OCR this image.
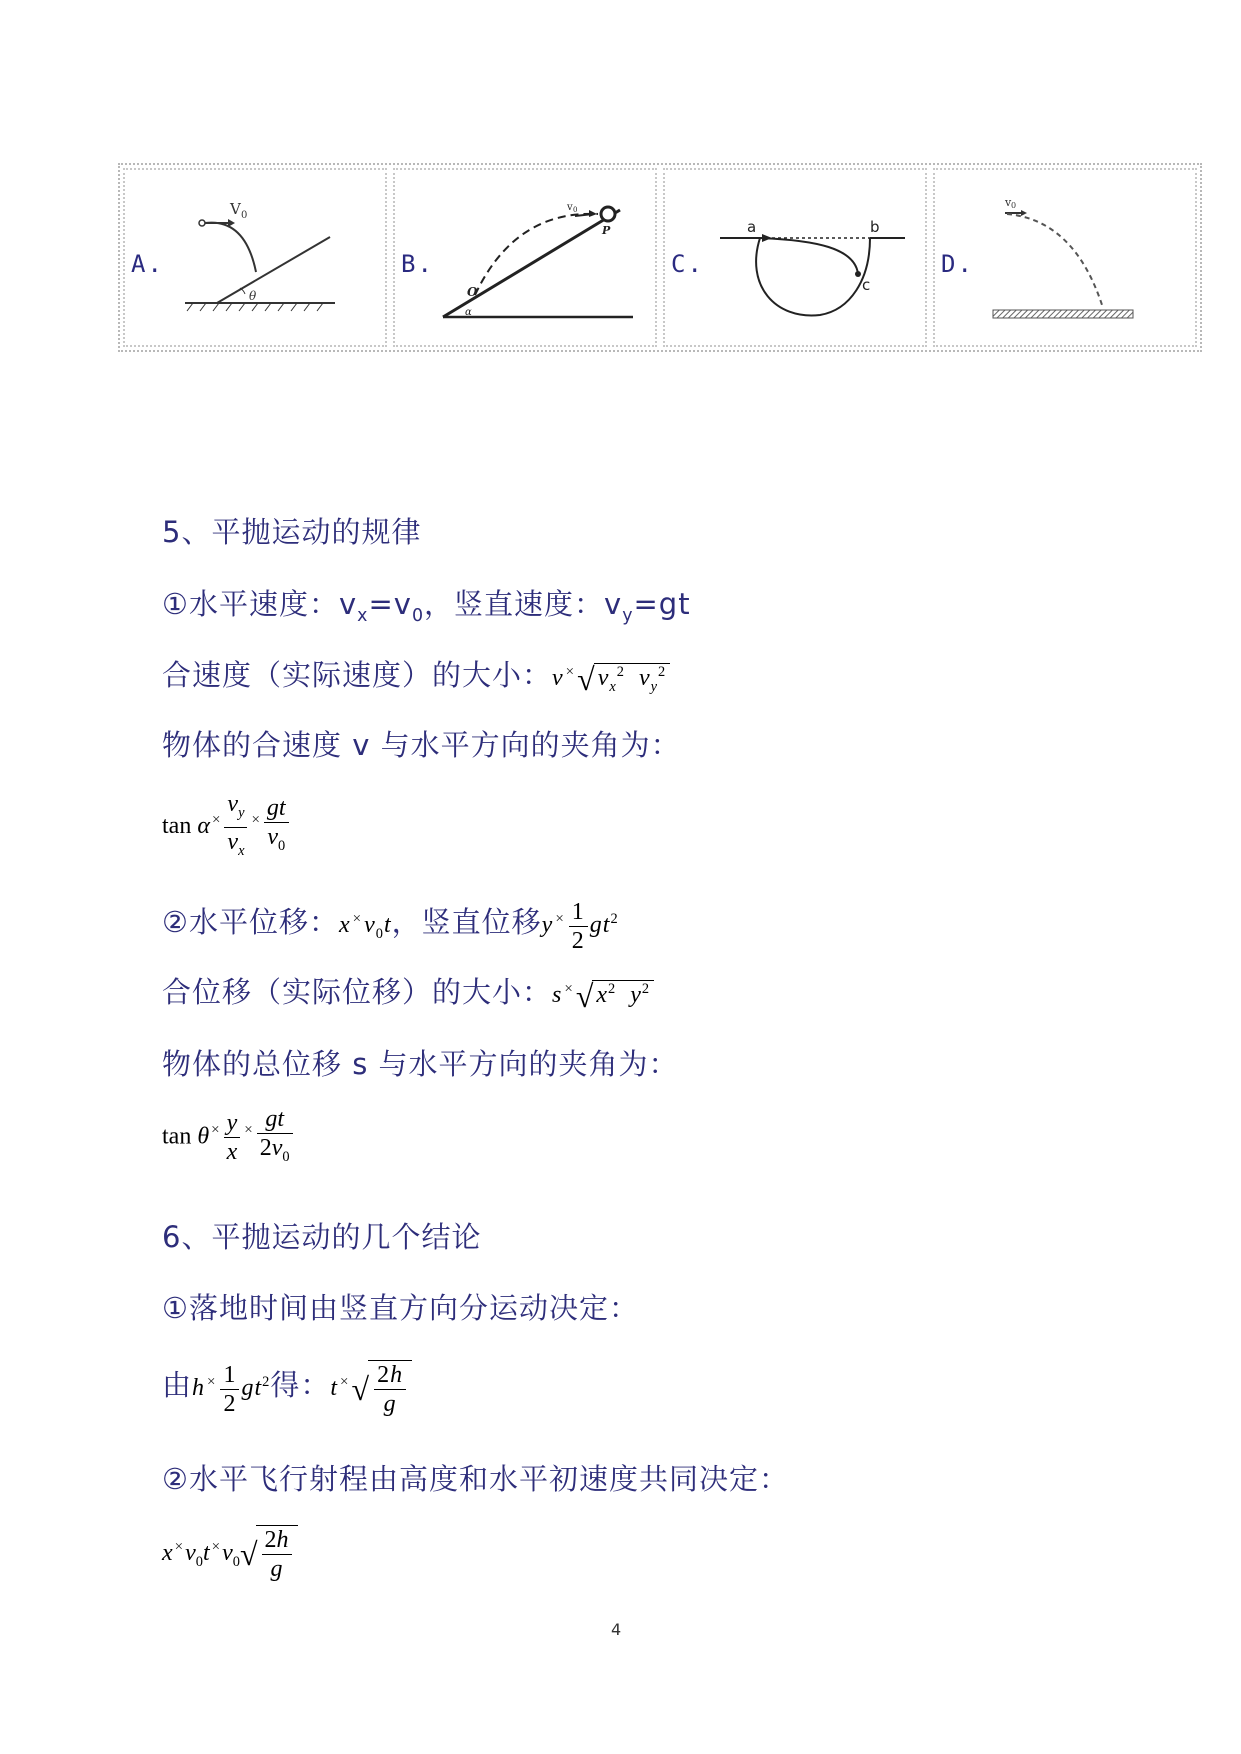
A.
V 0
θ
B.
v 0
P
O
α
C.
a	b
c
D.
v 0
5、平抛运动的规律
①水平速度：$v_x=v_0$，竖直速度：$v_y=gt$
合速度（实际速度）的大小：v $^\times√v_x^2$ $v_y^2$
物体的合速度 v 与水平方向的夹角为：
tan α $^\times \frac{v_y}{v_x} ^\times \frac{gt}{v_0}$
②水平位移：x $^\times v_0t$，竖直位移y $^\times \frac{1}{2} gt^2$
合位移（实际位移）的大小：s $^\times√x^2$ $y^2$
物体的总位移 s 与水平方向的夹角为：
tan θ $^\times \frac{y}{x} ^\times \frac{gt}{2v_0}$
6、平抛运动的几个结论
①落地时间由竖直方向分运动决定：
由h $^\times \frac{1}{2} gt^2$得：t $^\times√ \frac{2h}{g}$
②水平飞行射程由高度和水平初速度共同决定：
x $^\times v_0t$ $^\times v_0√ \frac{2h}{g}$
4
